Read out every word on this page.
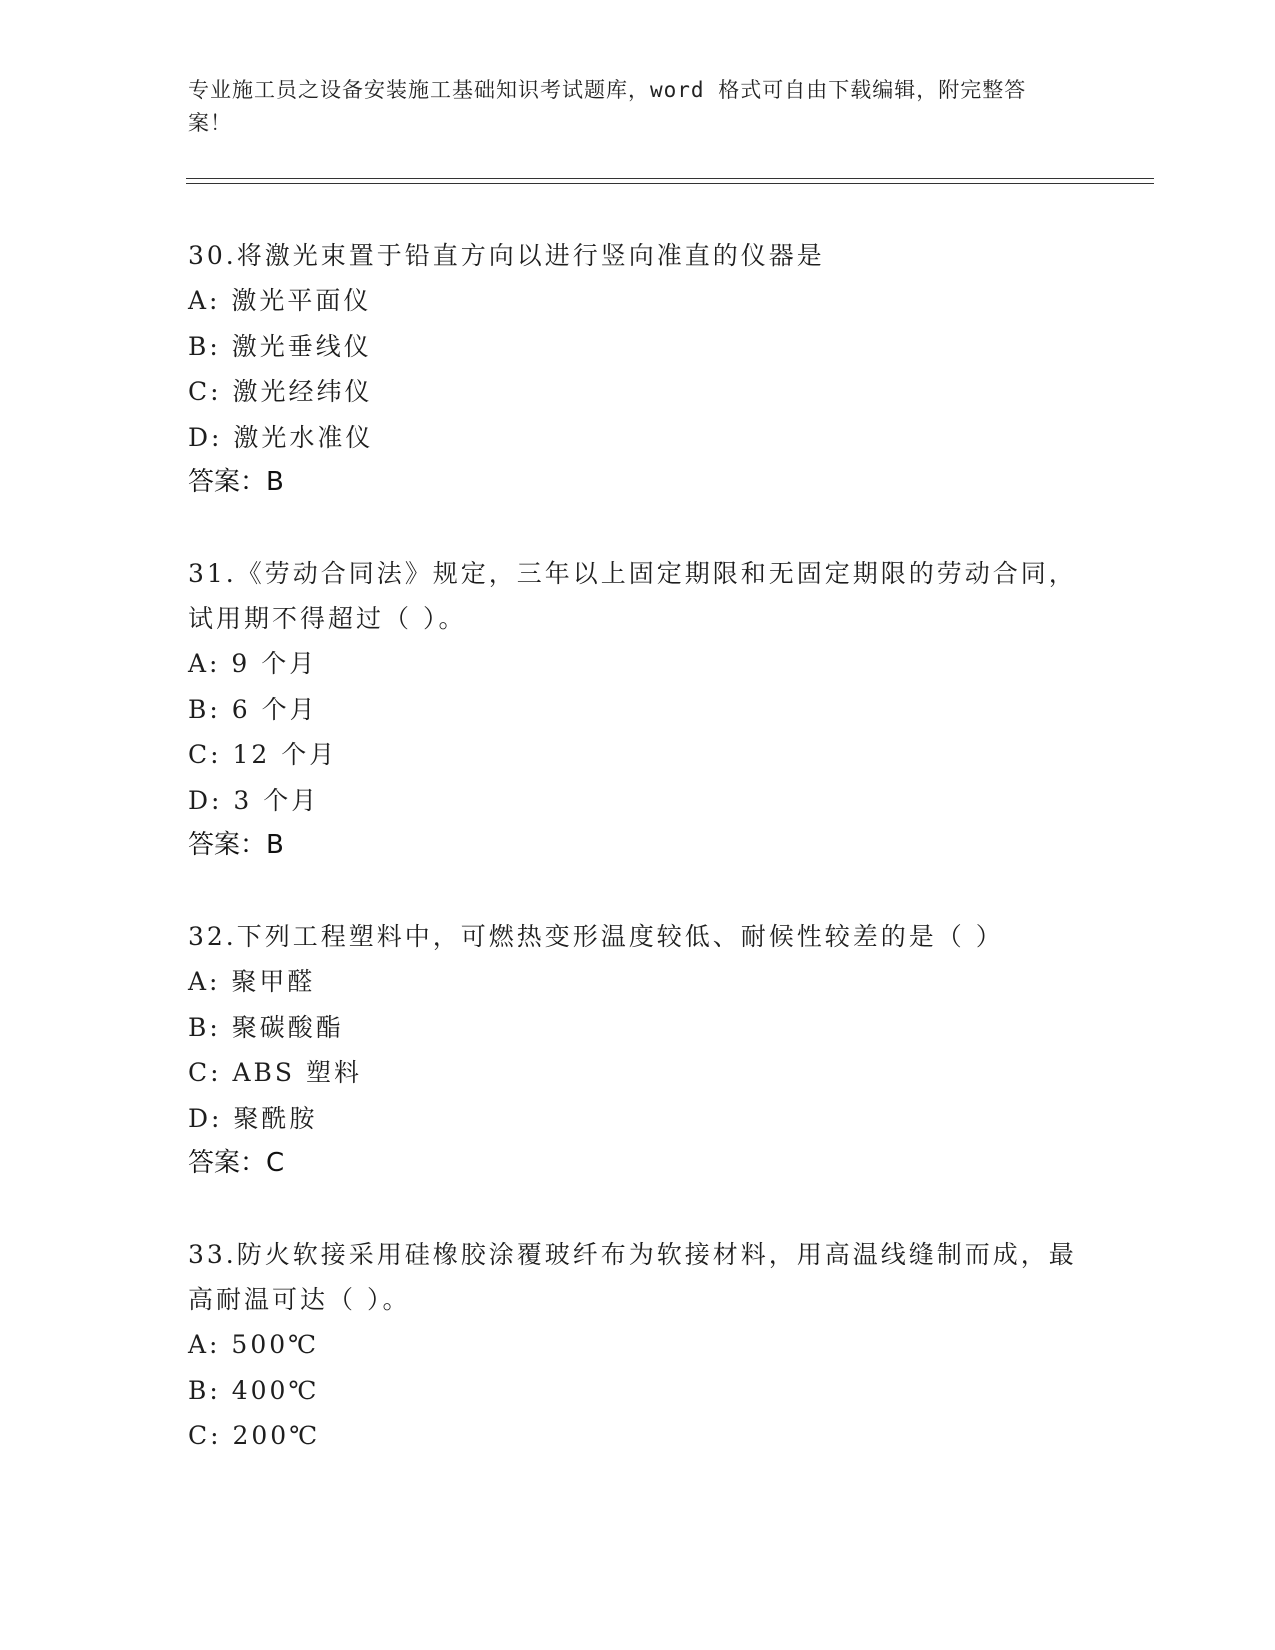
专业施工员之设备安装施工基础知识考试题库，word 格式可自由下载编辑，附完整答案！

30.将激光束置于铅直方向以进行竖向准直的仪器是

A: 激光平面仪

B: 激光垂线仪

C: 激光经纬仪

D: 激光水准仪

答案：B

31.《劳动合同法》规定，三年以上固定期限和无固定期限的劳动合同，试用期不得超过（ ）。

A: 9 个月

B: 6 个月

C: 12 个月

D: 3 个月

答案：B

32.下列工程塑料中，可燃热变形温度较低、耐候性较差的是（ ）

A: 聚甲醛

B: 聚碳酸酯

C: ABS 塑料

D: 聚酰胺

答案：C

33.防火软接采用硅橡胶涂覆玻纤布为软接材料，用高温线缝制而成，最高耐温可达（ ）。

A: 500℃

B: 400℃

C: 200℃
